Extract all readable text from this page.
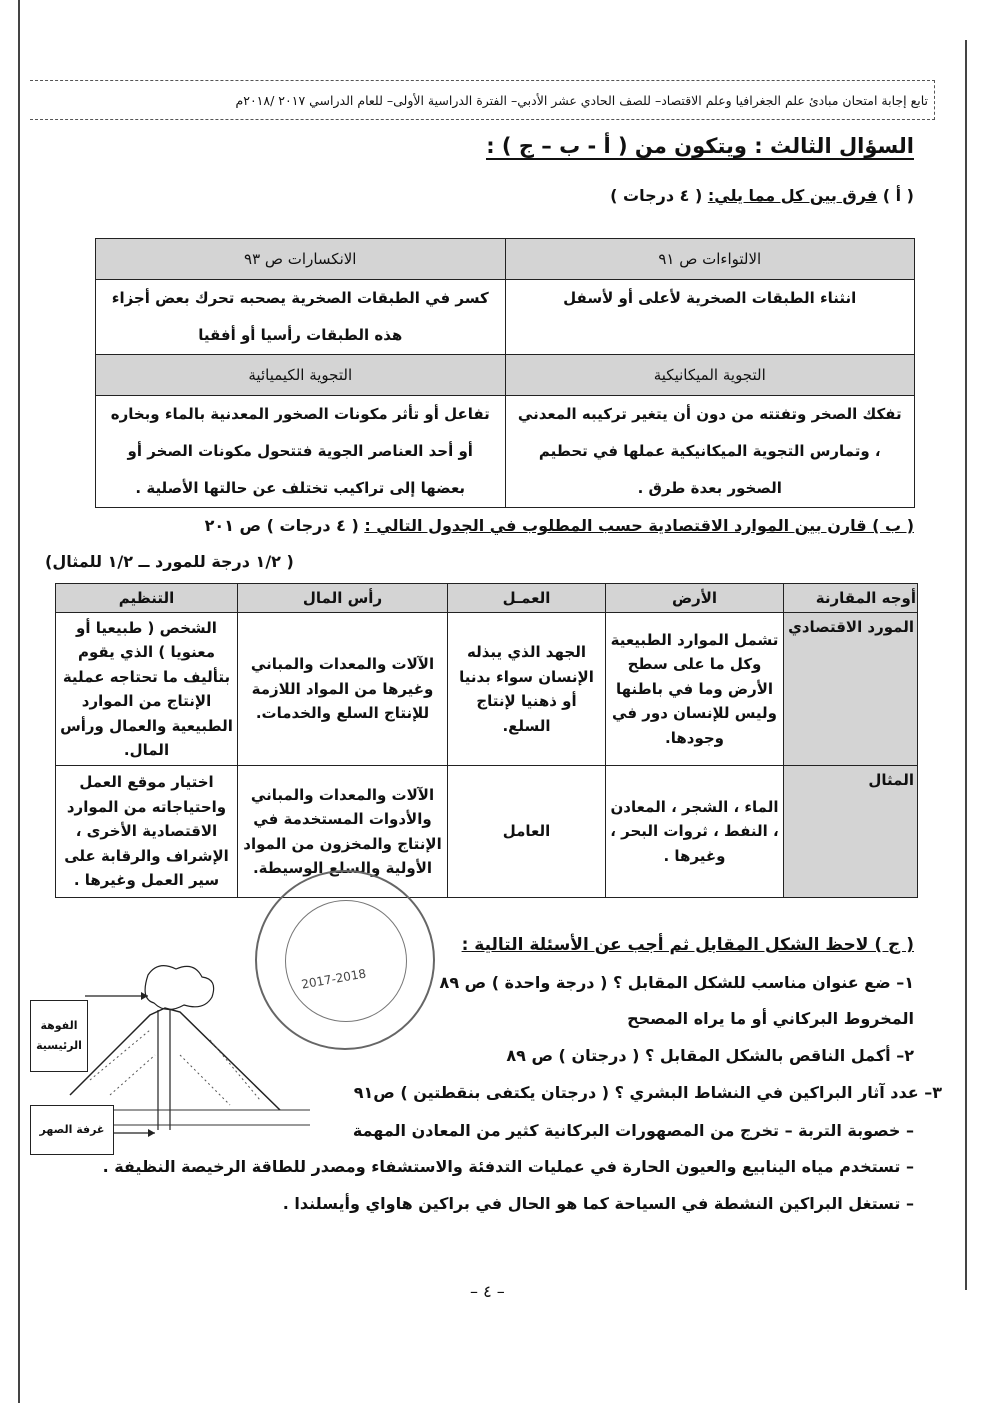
تابع إجابة امتحان مبادئ علم الجغرافيا وعلم الاقتصاد– للصف الحادي عشر الأدبي– الفترة الدراسية الأولى– للعام الدراسي ٢٠١٧ /٢٠١٨م
السؤال الثالث : ويتكون من ( أ - ب – ج ) :
( أ ) فرق بين كل مما يلي: ( ٤ درجات )
الالتواءات ص ٩١	الانكسارات ص ٩٣
انثناء الطبقات الصخرية لأعلى أو لأسفل	كسر في الطبقات الصخرية يصحبه تحرك بعض أجزاء هذه الطبقات رأسيا أو أفقيا
التجوية الميكانيكية	التجوية الكيميائية
تفكك الصخر وتفتته من دون أن يتغير تركيبه المعدني ، وتمارس التجوية الميكانيكية عملها في تحطيم الصخور بعدة طرق .	تفاعل أو تأثر مكونات الصخور المعدنية بالماء وبخاره أو أحد العناصر الجوية فتتحول مكونات الصخر أو بعضها إلى تراكيب تختلف عن حالتها الأصلية .
( ب ) قارن بين الموارد الاقتصادية حسب المطلوب في الجدول التالي : ( ٤ درجات ) ص ٢٠١
( ١/٢ درجة للمورد ــ ١/٢ للمثال)
أوجه المقارنة	الأرض	العمـل	رأس المال	التنظيم
المورد الاقتصادي	تشمل الموارد الطبيعية وكل ما على سطح الأرض وما في باطنها وليس للإنسان دور في وجودها.	الجهد الذي يبذله الإنسان سواء بدنيا أو ذهنيا لإنتاج السلع.	الآلات والمعدات والمباني وغيرها من المواد اللازمة للإنتاج السلع والخدمات.	الشخص ( طبيعيا أو معنويا ) الذي يقوم بتأليف ما تحتاجه عملية الإنتاج من الموارد الطبيعية والعمال ورأس المال.
المثال	الماء ، الشجر ، المعادن ، النفط ، ثروات البحر ، وغيرها .	العامل	الآلات والمعدات والمباني والأدوات المستخدمة في الإنتاج والمخزون من المواد الأولية والسلع الوسيطة.	اختيار موقع العمل واحتياجاته من الموارد الاقتصادية الأخرى ، الإشراف والرقابة على سير العمل وغيرها .
2017-2018
( ج ) لاحظ الشكل المقابل ثم أجب عن الأسئلة التالية :
١– ضع عنوان مناسب للشكل المقابل ؟ ( درجة واحدة ) ص ٨٩
المخروط البركاني أو ما يراه المصحح
٢– أكمل الناقص بالشكل المقابل ؟ ( درجتان ) ص ٨٩
٣– عدد آثار البراكين في النشاط البشري ؟ ( درجتان يكتفى بنقطتين ) ص٩١
– خصوبة التربة – تخرج من المصهورات البركانية كثير من المعادن المهمة
– تستخدم مياه الينابيع والعيون الحارة في عمليات التدفئة والاستشفاء ومصدر للطاقة الرخيصة النظيفة .
– تستغل البراكين النشطة في السياحة كما هو الحال في براكين هاواي وأيسلندا .
الفوهة الرئيسية
غرفة الصهر
– ٤ –
